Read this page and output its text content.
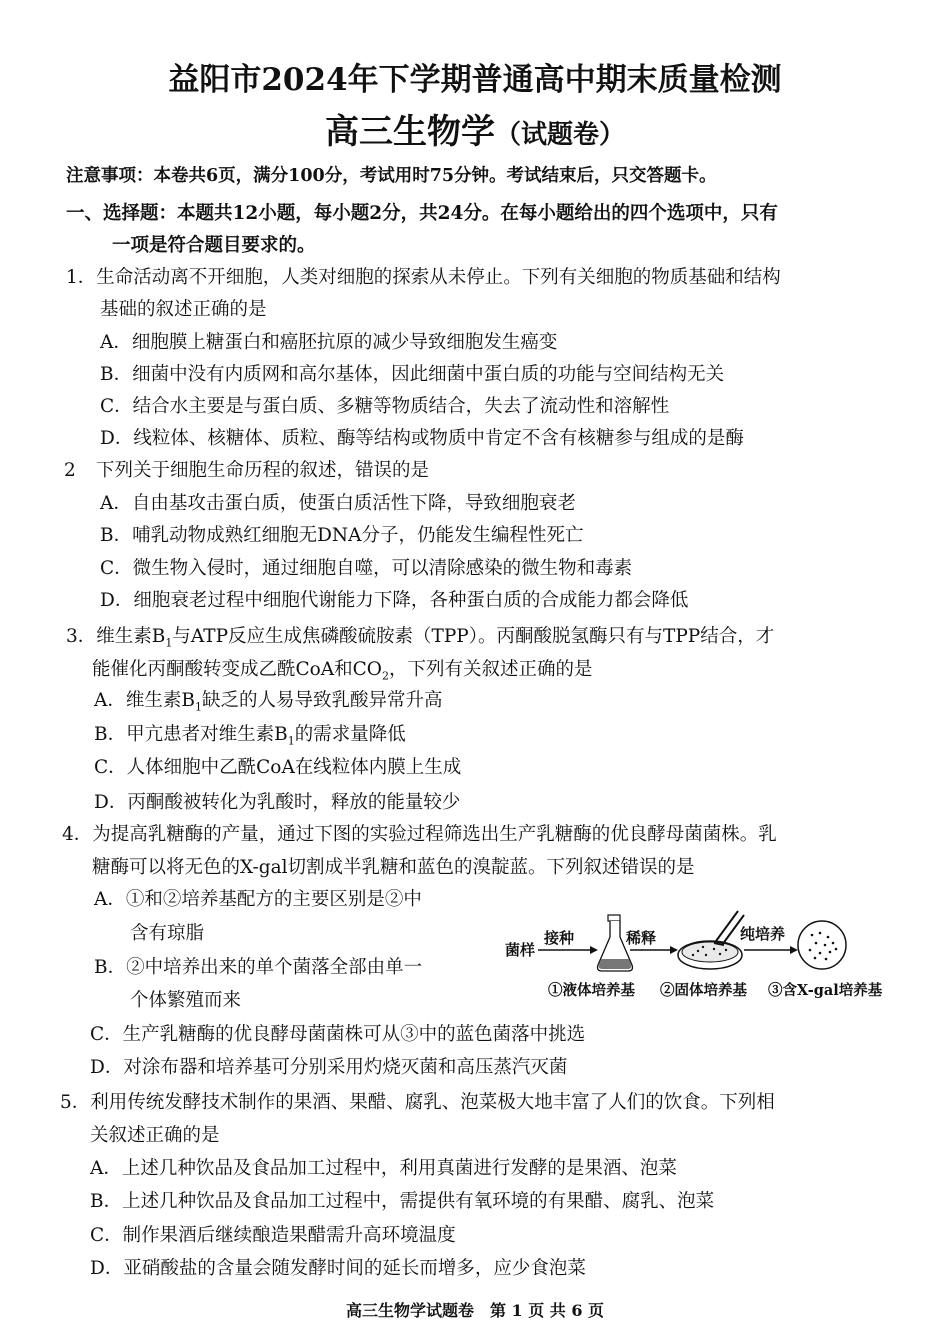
益阳市2024年下学期普通高中期末质量检测
高三生物学（试题卷）
注意事项：本卷共6页，满分100分，考试用时75分钟。考试结束后，只交答题卡。
一、选择题：本题共12小题，每小题2分，共24分。在每小题给出的四个选项中，只有
一项是符合题目要求的。
1．生命活动离不开细胞，人类对细胞的探索从未停止。下列有关细胞的物质基础和结构
基础的叙述正确的是
A．细胞膜上糖蛋白和癌胚抗原的减少导致细胞发生癌变
B．细菌中没有内质网和高尔基体，因此细菌中蛋白质的功能与空间结构无关
C．结合水主要是与蛋白质、多糖等物质结合，失去了流动性和溶解性
D．线粒体、核糖体、质粒、酶等结构或物质中肯定不含有核糖参与组成的是酶
2 下列关于细胞生命历程的叙述，错误的是
A．自由基攻击蛋白质，使蛋白质活性下降，导致细胞衰老
B．哺乳动物成熟红细胞无DNA分子，仍能发生编程性死亡
C．微生物入侵时，通过细胞自噬，可以清除感染的微生物和毒素
D．细胞衰老过程中细胞代谢能力下降，各种蛋白质的合成能力都会降低
3．维生素$B_1$与ATP反应生成焦磷酸硫胺素（TPP）。丙酮酸脱氢酶只有与TPP结合，才
能催化丙酮酸转变成乙酰CoA和$CO_2$，下列有关叙述正确的是
A．维生素$B_1$缺乏的人易导致乳酸异常升高
B．甲亢患者对维生素$B_1$的需求量降低
C．人体细胞中乙酰CoA在线粒体内膜上生成
D．丙酮酸被转化为乳酸时，释放的能量较少
4．为提高乳糖酶的产量，通过下图的实验过程筛选出生产乳糖酶的优良酵母菌菌株。乳
糖酶可以将无色的X-gal切割成半乳糖和蓝色的溴靛蓝。下列叙述错误的是
A．①和②培养基配方的主要区别是②中
含有琼脂
B．②中培养出来的单个菌落全部由单一
个体繁殖而来
菌样
接种	稀释	纯培养
①液体培养基 ②固体培养基 ③含X-gal培养基
C．生产乳糖酶的优良酵母菌菌株可从③中的蓝色菌落中挑选
D．对涂布器和培养基可分别采用灼烧灭菌和高压蒸汽灭菌
5．利用传统发酵技术制作的果酒、果醋、腐乳、泡菜极大地丰富了人们的饮食。下列相
关叙述正确的是
A．上述几种饮品及食品加工过程中，利用真菌进行发酵的是果酒、泡菜
B．上述几种饮品及食品加工过程中，需提供有氧环境的有果醋、腐乳、泡菜
C．制作果酒后继续酿造果醋需升高环境温度
D．亚硝酸盐的含量会随发酵时间的延长而增多，应少食泡菜
高三生物学试题卷　第 1 页 共 6 页
